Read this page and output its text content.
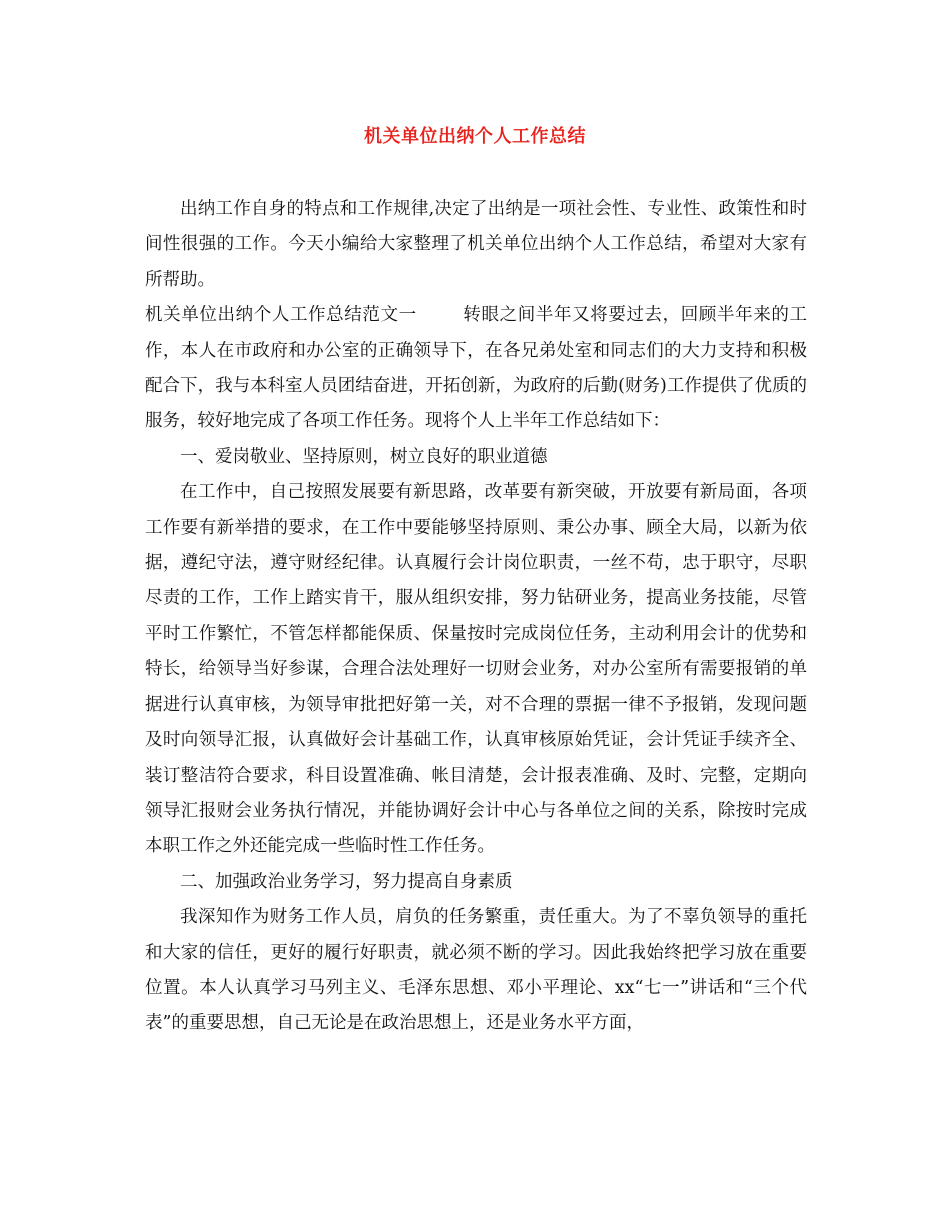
机关单位出纳个人工作总结

出纳工作自身的特点和工作规律,决定了出纳是一项社会性、专业性、政策性和时间性很强的工作。今天小编给大家整理了机关单位出纳个人工作总结，希望对大家有所帮助。

机关单位出纳个人工作总结范文一	转眼之间半年又将要过去，回顾半年来的工作，本人在市政府和办公室的正确领导下，在各兄弟处室和同志们的大力支持和积极配合下，我与本科室人员团结奋进，开拓创新，为政府的后勤(财务)工作提供了优质的服务，较好地完成了各项工作任务。现将个人上半年工作总结如下：

一、爱岗敬业、坚持原则，树立良好的职业道德

在工作中，自己按照发展要有新思路，改革要有新突破，开放要有新局面，各项工作要有新举措的要求，在工作中要能够坚持原则、秉公办事、顾全大局，以新为依据，遵纪守法，遵守财经纪律。认真履行会计岗位职责，一丝不苟，忠于职守，尽职尽责的工作，工作上踏实肯干，服从组织安排，努力钻研业务，提高业务技能，尽管平时工作繁忙，不管怎样都能保质、保量按时完成岗位任务，主动利用会计的优势和特长，给领导当好参谋，合理合法处理好一切财会业务，对办公室所有需要报销的单据进行认真审核，为领导审批把好第一关，对不合理的票据一律不予报销，发现问题及时向领导汇报，认真做好会计基础工作，认真审核原始凭证，会计凭证手续齐全、装订整洁符合要求，科目设置准确、帐目清楚，会计报表准确、及时、完整，定期向领导汇报财会业务执行情况，并能协调好会计中心与各单位之间的关系，除按时完成本职工作之外还能完成一些临时性工作任务。

二、加强政治业务学习，努力提高自身素质

我深知作为财务工作人员，肩负的任务繁重，责任重大。为了不辜负领导的重托和大家的信任，更好的履行好职责，就必须不断的学习。因此我始终把学习放在重要位置。本人认真学习马列主义、毛泽东思想、邓小平理论、xx“七一”讲话和“三个代表”的重要思想，自己无论是在政治思想上，还是业务水平方面，
